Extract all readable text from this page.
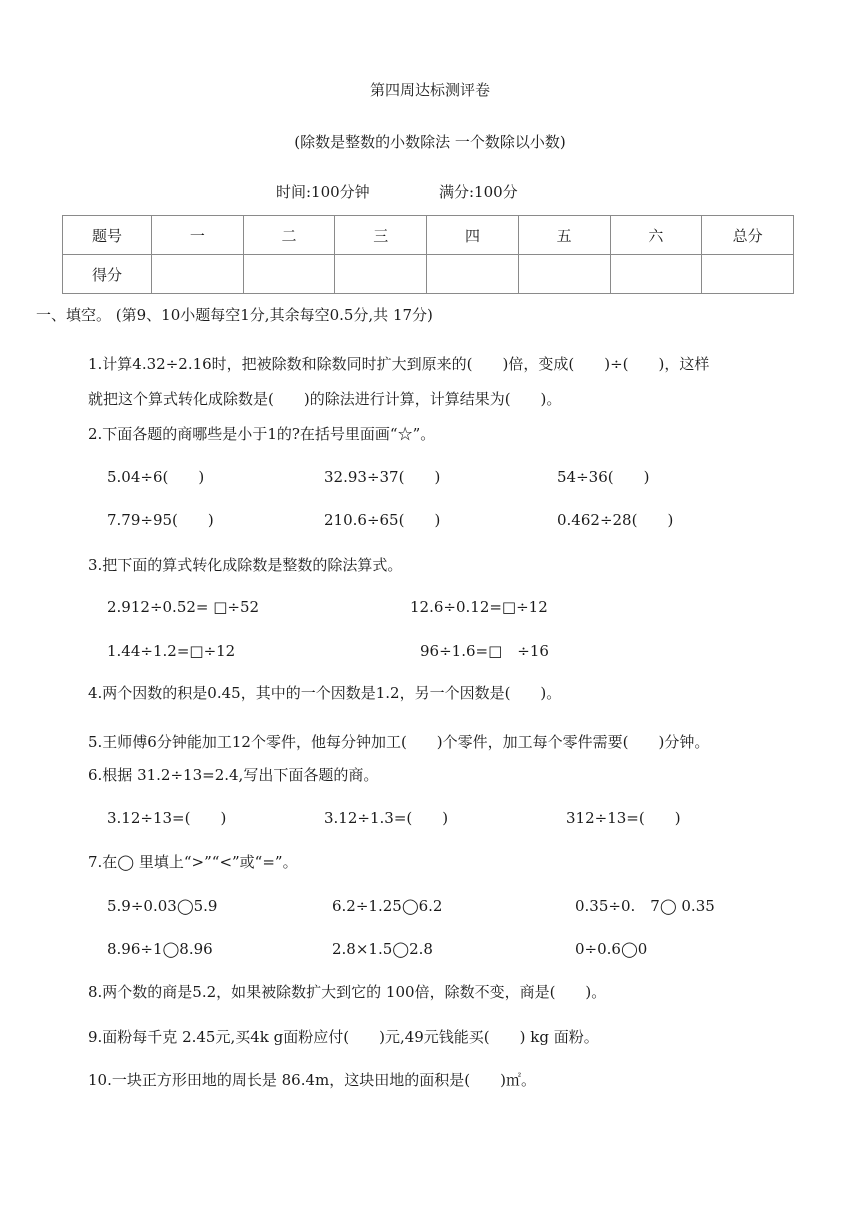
第四周达标测评卷
(除数是整数的小数除法 一个数除以小数)
时间:100分钟	满分:100分
题号	一	二	三	四	五	六	总分
得分							
一、填空。 (第9、10小题每空1分,其余每空0.5分,共 17分)
1.计算4.32÷2.16时，把被除数和除数同时扩大到原来的(　　)倍，变成(　　)÷(　　)，这样
就把这个算式转化成除数是(　　)的除法进行计算，计算结果为(　　)。
2.下面各题的商哪些是小于1的?在括号里面画“☆”。
5.04÷6(　　)	32.93÷37(　　)	54÷36(　　)
7.79÷95(　　)	210.6÷65(　　)	0.462÷28(　　)
3.把下面的算式转化成除数是整数的除法算式。
2.912÷0.52= □÷52	12.6÷0.12=□÷12
1.44÷1.2=□÷12	96÷1.6=□　÷16
4.两个因数的积是0.45，其中的一个因数是1.2，另一个因数是(　　)。
5.王师傅6分钟能加工12个零件，他每分钟加工(　　)个零件，加工每个零件需要(　　)分钟。
6.根据 31.2÷13=2.4,写出下面各题的商。
3.12÷13=(　　)	3.12÷1.3=(　　)	312÷13=(　　)
7.在◯ 里填上“>”“<”或“=”。
5.9÷0.03◯5.9	6.2÷1.25◯6.2	0.35÷0.　7◯ 0.35
8.96÷1◯8.96	2.8×1.5◯2.8	0÷0.6◯0
8.两个数的商是5.2，如果被除数扩大到它的 100倍，除数不变，商是(　　)。
9.面粉每千克 2.45元,买4k g面粉应付(　　)元,49元钱能买(　　) kg 面粉。
10.一块正方形田地的周长是 86.4m，这块田地的面积是(　　)㎡。
